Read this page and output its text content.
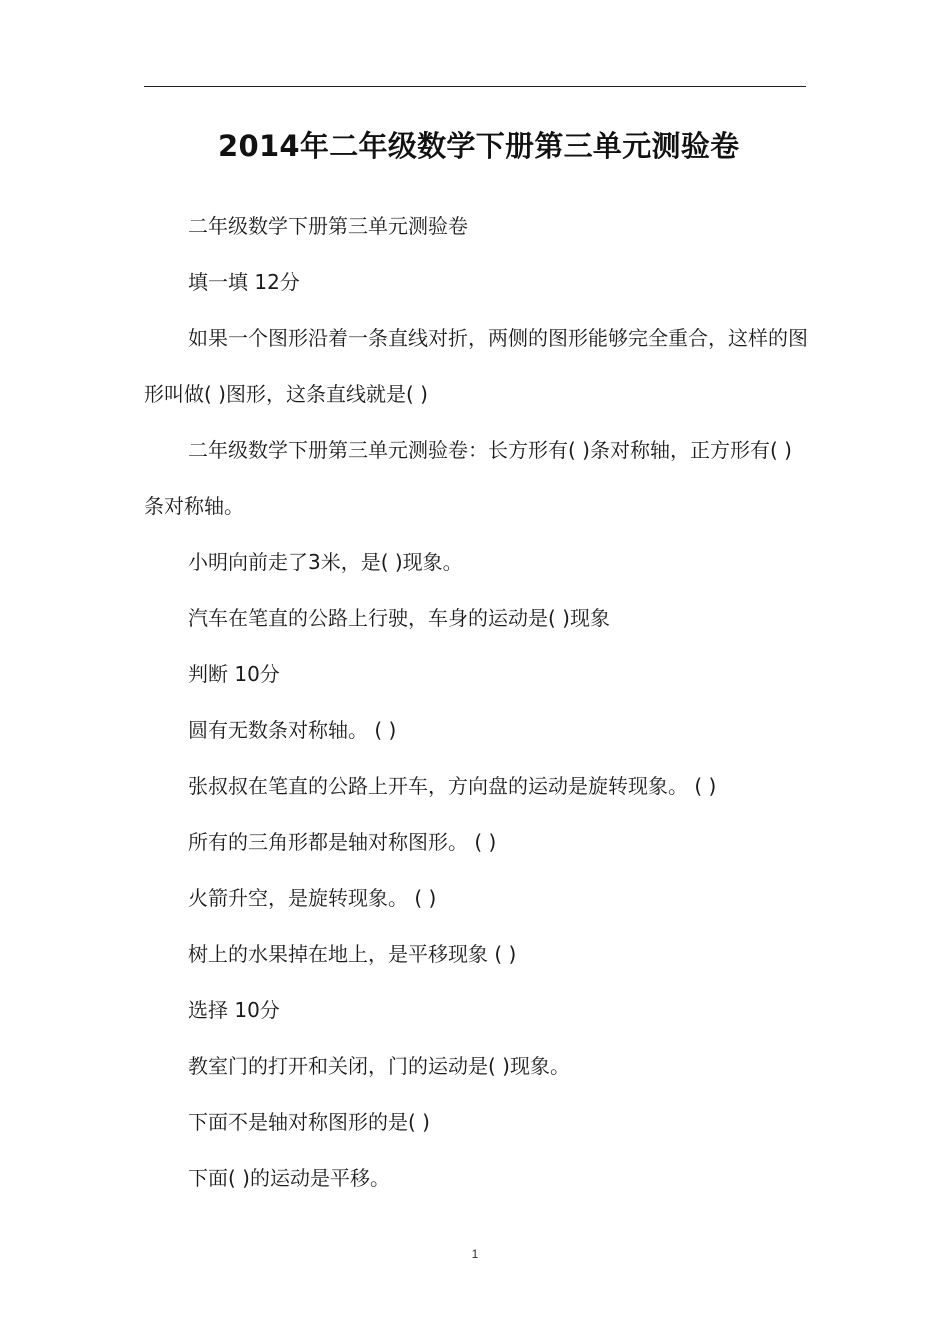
2014年二年级数学下册第三单元测验卷

二年级数学下册第三单元测验卷

填一填 12分

如果一个图形沿着一条直线对折，两侧的图形能够完全重合，这样的图形叫做( )图形，这条直线就是( )

二年级数学下册第三单元测验卷：长方形有( )条对称轴，正方形有( )条对称轴。

小明向前走了3米，是( )现象。

汽车在笔直的公路上行驶，车身的运动是( )现象

判断 10分

圆有无数条对称轴。 ( )

张叔叔在笔直的公路上开车，方向盘的运动是旋转现象。 ( )

所有的三角形都是轴对称图形。 ( )

火箭升空，是旋转现象。 ( )

树上的水果掉在地上，是平移现象 ( )

选择 10分

教室门的打开和关闭，门的运动是( )现象。

下面不是轴对称图形的是( )

下面( )的运动是平移。

1
